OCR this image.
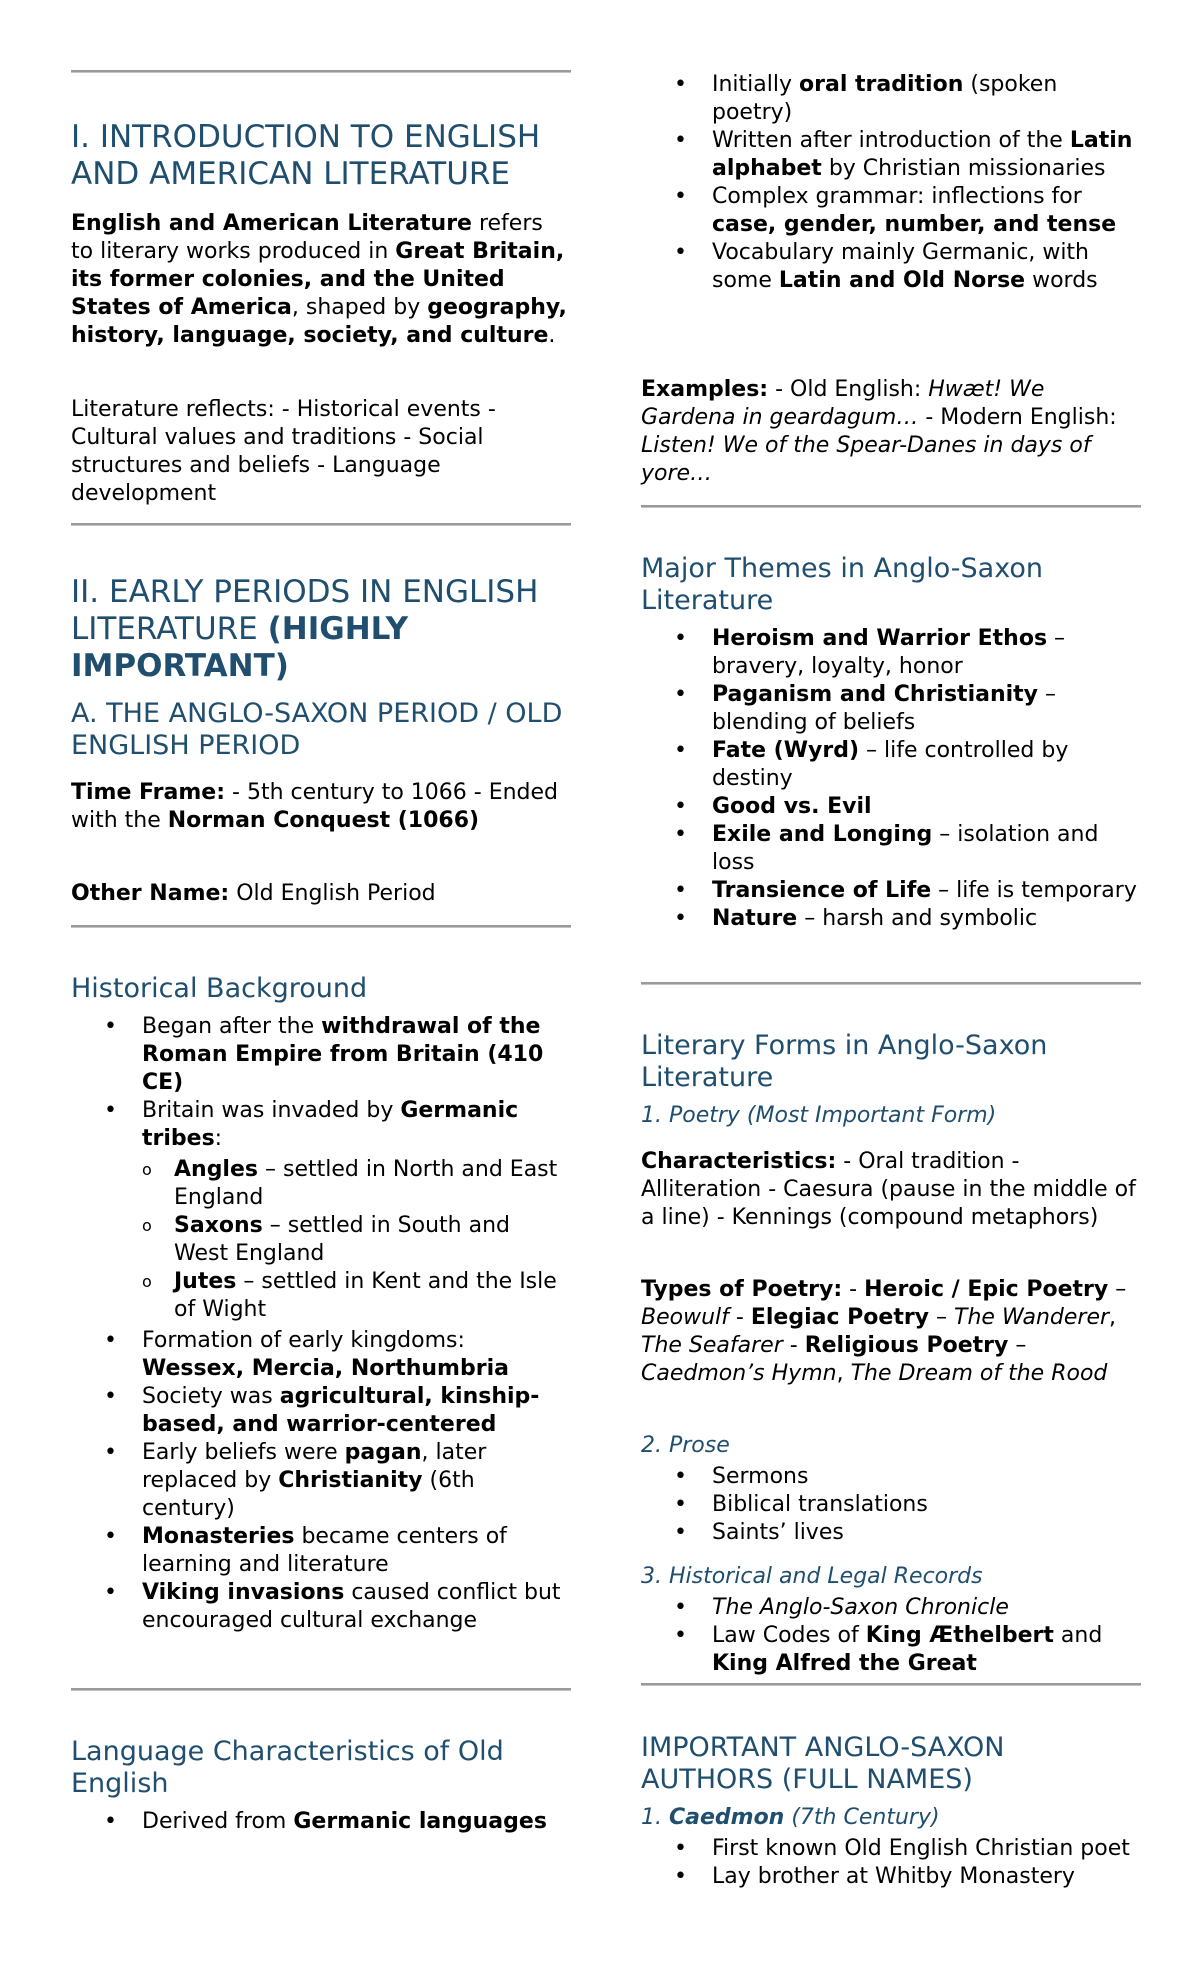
I. INTRODUCTION TO ENGLISH AND AMERICAN LITERATURE

English and American Literature refers to literary works produced in Great Britain, its former colonies, and the United States of America, shaped by geography, history, language, society, and culture.

Literature reflects: - Historical events - Cultural values and traditions - Social structures and beliefs - Language development

II. EARLY PERIODS IN ENGLISH LITERATURE (HIGHLY IMPORTANT)
A. THE ANGLO-SAXON PERIOD / OLD ENGLISH PERIOD

Time Frame: - 5th century to 1066 - Ended with the Norman Conquest (1066)

Other Name: Old English Period

Historical Background
• Began after the withdrawal of the Roman Empire from Britain (410 CE)
• Britain was invaded by Germanic tribes:
o Angles – settled in North and East England
o Saxons – settled in South and West England
o Jutes – settled in Kent and the Isle of Wight
• Formation of early kingdoms: Wessex, Mercia, Northumbria
• Society was agricultural, kinship-based, and warrior-centered
• Early beliefs were pagan, later replaced by Christianity (6th century)
• Monasteries became centers of learning and literature
• Viking invasions caused conflict but encouraged cultural exchange
Language Characteristics of Old English
• Derived from Germanic languages
• Initially oral tradition (spoken poetry)
• Written after introduction of the Latin alphabet by Christian missionaries
• Complex grammar: inflections for case, gender, number, and tense
• Vocabulary mainly Germanic, with some Latin and Old Norse words

Examples: - Old English: Hwæt! We Gardena in geardagum… - Modern English: Listen! We of the Spear-Danes in days of yore…

Major Themes in Anglo-Saxon Literature
• Heroism and Warrior Ethos – bravery, loyalty, honor
• Paganism and Christianity – blending of beliefs
• Fate (Wyrd) – life controlled by destiny
• Good vs. Evil
• Exile and Longing – isolation and loss
• Transience of Life – life is temporary
• Nature – harsh and symbolic
Literary Forms in Anglo-Saxon Literature
1. Poetry (Most Important Form)

Characteristics: - Oral tradition - Alliteration - Caesura (pause in the middle of a line) - Kennings (compound metaphors)

Types of Poetry: - Heroic / Epic Poetry – Beowulf - Elegiac Poetry – The Wanderer, The Seafarer - Religious Poetry – Caedmon’s Hymn, The Dream of the Rood

2. Prose
• Sermons
• Biblical translations
• Saints’ lives
3. Historical and Legal Records
• The Anglo-Saxon Chronicle
• Law Codes of King Æthelbert and King Alfred the Great
IMPORTANT ANGLO-SAXON AUTHORS (FULL NAMES)
1. Caedmon (7th Century)
• First known Old English Christian poet
• Lay brother at Whitby Monastery
